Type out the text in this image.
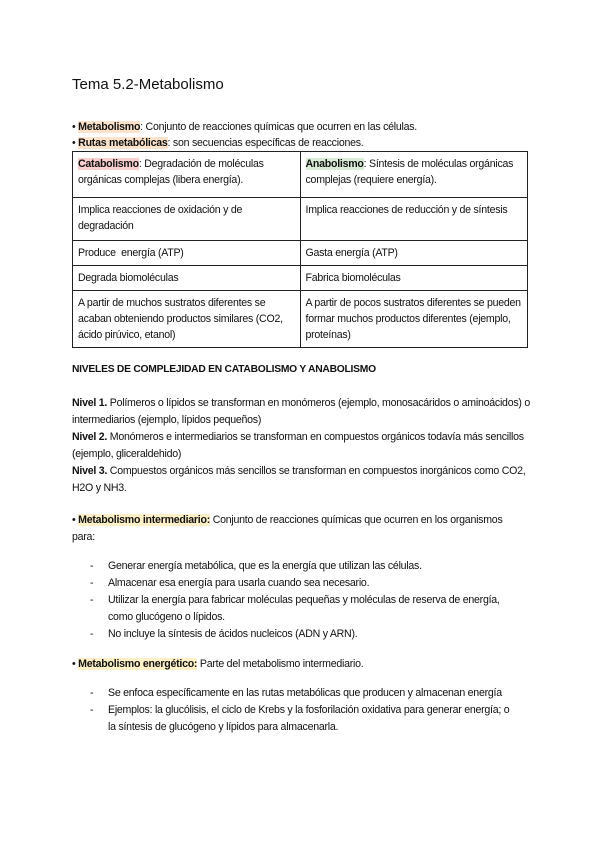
Tema 5.2-Metabolismo
• Metabolismo: Conjunto de reacciones químicas que ocurren en las células.
• Rutas metabólicas: son secuencias específicas de reacciones.
Catabolismo: Degradación de moléculas orgánicas complejas (libera energía).	Anabolismo: Síntesis de moléculas orgánicas complejas (requiere energía).
Implica reacciones de oxidación y de degradación	Implica reacciones de reducción y de síntesis
Produce  energía (ATP)	Gasta energía (ATP)
Degrada biomoléculas	Fabrica biomoléculas
A partir de muchos sustratos diferentes se acaban obteniendo productos similares (CO2, ácido pirúvico, etanol)	A partir de pocos sustratos diferentes se pueden formar muchos productos diferentes (ejemplo, proteínas)
NIVELES DE COMPLEJIDAD EN CATABOLISMO Y ANABOLISMO
Nivel 1. Polímeros o lípidos se transforman en monómeros (ejemplo, monosacáridos o aminoácidos) o intermediarios (ejemplo, lípidos pequeños)
Nivel 2. Monómeros e intermediarios se transforman en compuestos orgánicos todavía más sencillos (ejemplo, gliceraldehido)
Nivel 3. Compuestos orgánicos más sencillos se transforman en compuestos inorgánicos como CO2, H2O y NH3.
• Metabolismo intermediario: Conjunto de reacciones químicas que ocurren en los organismos para:
- Generar energía metabólica, que es la energía que utilizan las células.
- Almacenar esa energía para usarla cuando sea necesario.
- Utilizar la energía para fabricar moléculas pequeñas y moléculas de reserva de energía, como glucógeno o lípidos.
- No incluye la síntesis de ácidos nucleicos (ADN y ARN).
• Metabolismo energético: Parte del metabolismo intermediario.
- Se enfoca específicamente en las rutas metabólicas que producen y almacenan energía
- Ejemplos: la glucólisis, el ciclo de Krebs y la fosforilación oxidativa para generar energía; o la síntesis de glucógeno y lípidos para almacenarla.
